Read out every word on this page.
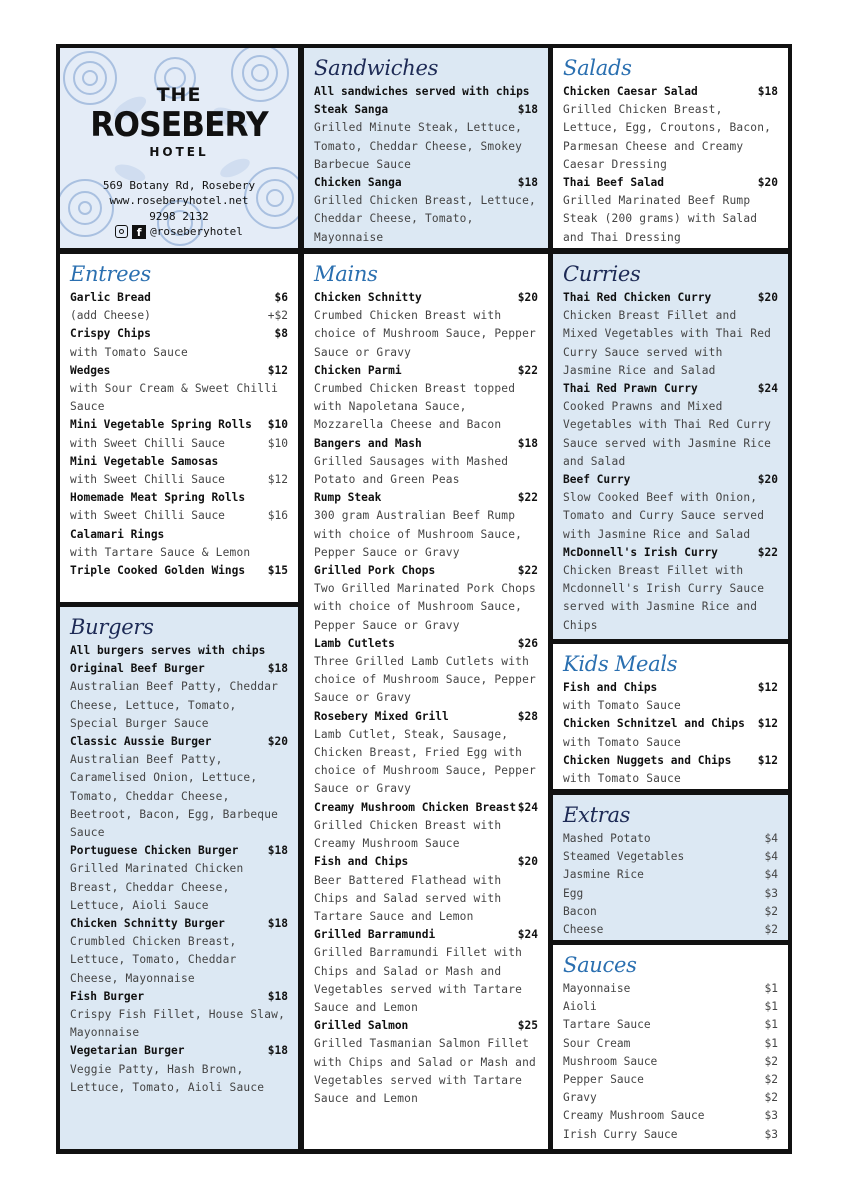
THE
ROSEBERY
HOTEL
569 Botany Rd, Rosebery
www.roseberyhotel.net
9298 2132
f @roseberyhotel
Sandwiches
All sandwiches served with chips
Steak Sanga	$18
Grilled Minute Steak, Lettuce, Tomato, Cheddar Cheese, Smokey Barbecue Sauce
Chicken Sanga	$18
Grilled Chicken Breast, Lettuce, Cheddar Cheese, Tomato, Mayonnaise
Salads
Chicken Caesar Salad	$18
Grilled Chicken Breast, Lettuce, Egg, Croutons, Bacon, Parmesan Cheese and Creamy Caesar Dressing
Thai Beef Salad	$20
Grilled Marinated Beef Rump Steak (200 grams) with Salad and Thai Dressing
Entrees
Garlic Bread	$6
(add Cheese)	+$2
Crispy Chips	$8
with Tomato Sauce
Wedges	$12
with Sour Cream & Sweet Chilli Sauce
Mini Vegetable Spring Rolls $10
with Sweet Chilli Sauce	$10
Mini Vegetable Samosas
with Sweet Chilli Sauce	$12
Homemade Meat Spring Rolls
with Sweet Chilli Sauce	$16
Calamari Rings
with Tartare Sauce & Lemon
Triple Cooked Golden Wings $15
Mains
Chicken Schnitty	$20
Crumbed Chicken Breast with choice of Mushroom Sauce, Pepper Sauce or Gravy
Chicken Parmi	$22
Crumbed Chicken Breast topped with Napoletana Sauce, Mozzarella Cheese and Bacon
Bangers and Mash	$18
Grilled Sausages with Mashed Potato and Green Peas
Rump Steak	$22
300 gram Australian Beef Rump with choice of Mushroom Sauce, Pepper Sauce or Gravy
Grilled Pork Chops	$22
Two Grilled Marinated Pork Chops with choice of Mushroom Sauce, Pepper Sauce or Gravy
Lamb Cutlets	$26
Three Grilled Lamb Cutlets with choice of Mushroom Sauce, Pepper Sauce or Gravy
Rosebery Mixed Grill	$28
Lamb Cutlet, Steak, Sausage, Chicken Breast, Fried Egg with choice of Mushroom Sauce, Pepper Sauce or Gravy
Creamy Mushroom Chicken Breast $24
Grilled Chicken Breast with Creamy Mushroom Sauce
Fish and Chips	$20
Beer Battered Flathead with Chips and Salad served with Tartare Sauce and Lemon
Grilled Barramundi	$24
Grilled Barramundi Fillet with Chips and Salad or Mash and Vegetables served with Tartare Sauce and Lemon
Grilled Salmon	$25
Grilled Tasmanian Salmon Fillet with Chips and Salad or Mash and Vegetables served with Tartare Sauce and Lemon
Curries
Thai Red Chicken Curry	$20
Chicken Breast Fillet and Mixed Vegetables with Thai Red Curry Sauce served with Jasmine Rice and Salad
Thai Red Prawn Curry	$24
Cooked Prawns and Mixed Vegetables with Thai Red Curry Sauce served with Jasmine Rice and Salad
Beef Curry	$20
Slow Cooked Beef with Onion, Tomato and Curry Sauce served with Jasmine Rice and Salad
McDonnell's Irish Curry	$22
Chicken Breast Fillet with Mcdonnell's Irish Curry Sauce served with Jasmine Rice and Chips
Burgers
All burgers serves with chips
Original Beef Burger	$18
Australian Beef Patty, Cheddar Cheese, Lettuce, Tomato, Special Burger Sauce
Classic Aussie Burger	$20
Australian Beef Patty, Caramelised Onion, Lettuce, Tomato, Cheddar Cheese, Beetroot, Bacon, Egg, Barbeque Sauce
Portuguese Chicken Burger	$18
Grilled Marinated Chicken Breast, Cheddar Cheese, Lettuce, Aioli Sauce
Chicken Schnitty Burger	$18
Crumbled Chicken Breast, Lettuce, Tomato, Cheddar Cheese, Mayonnaise
Fish Burger	$18
Crispy Fish Fillet, House Slaw, Mayonnaise
Vegetarian Burger	$18
Veggie Patty, Hash Brown, Lettuce, Tomato, Aioli Sauce
Kids Meals
Fish and Chips	$12
with Tomato Sauce
Chicken Schnitzel and Chips $12
with Tomato Sauce
Chicken Nuggets and Chips $12
with Tomato Sauce
Extras
Mashed Potato	$4
Steamed Vegetables	$4
Jasmine Rice	$4
Egg	$3
Bacon	$2
Cheese	$2
Sauces
Mayonnaise	$1
Aioli	$1
Tartare Sauce	$1
Sour Cream	$1
Mushroom Sauce	$2
Pepper Sauce	$2
Gravy	$2
Creamy Mushroom Sauce	$3
Irish Curry Sauce	$3
